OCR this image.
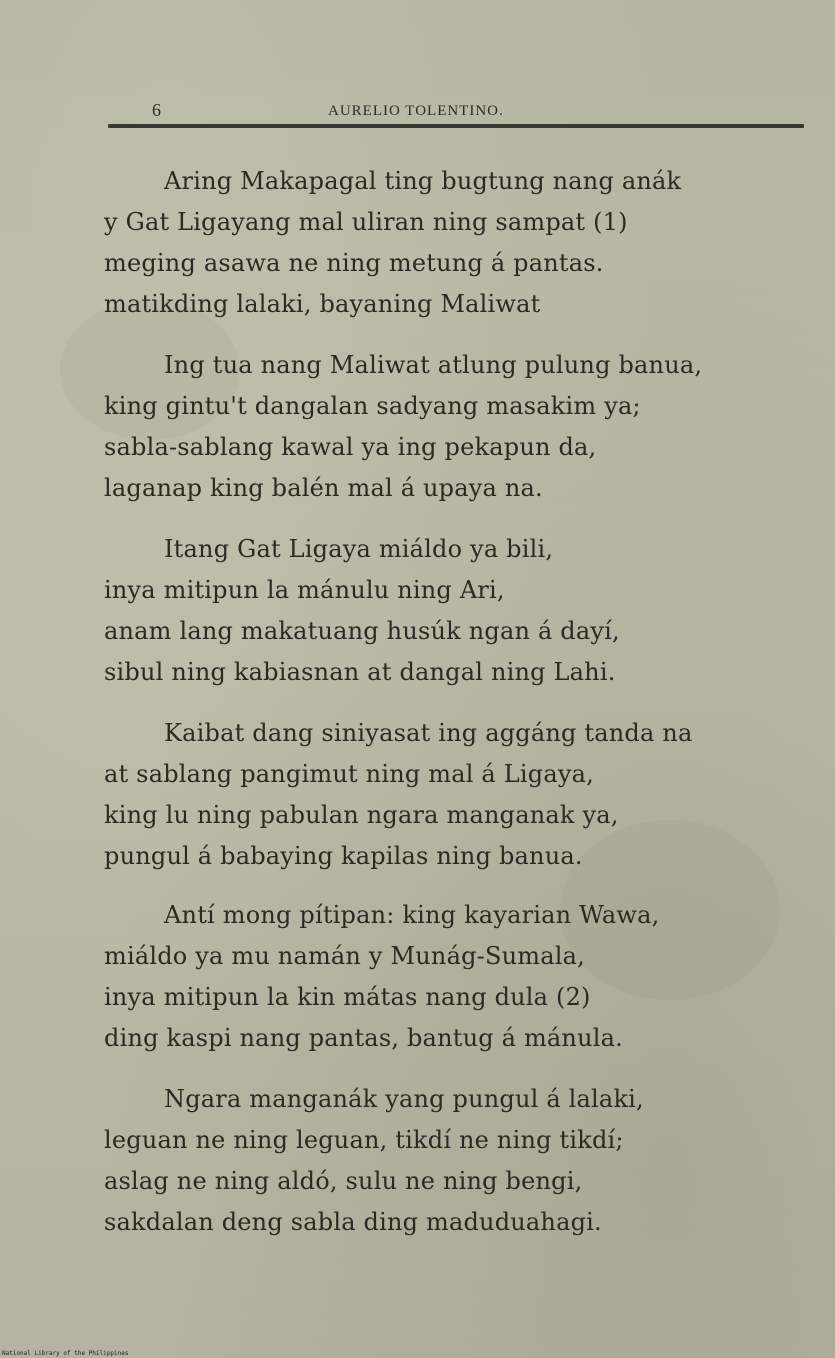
6	AURELIO TOLENTINO.
Aring Makapagal ting bugtung nang anák
y Gat Ligayang mal uliran ning sampat (1)
meging asawa ne ning metung á pantas.
matikding lalaki, bayaning Maliwat
Ing tua nang Maliwat atlung pulung banua,
king gintu't dangalan sadyang masakim ya;
sabla-sablang kawal ya ing pekapun da,
laganap king balén mal á upaya na.
Itang Gat Ligaya miáldo ya bili,
inya mitipun la mánulu ning Ari,
anam lang makatuang husúk ngan á dayí,
sibul ning kabiasnan at dangal ning Lahi.
Kaibat dang siniyasat ing aggáng tanda na
at sablang pangimut ning mal á Ligaya,
king lu ning pabulan ngara manganak ya,
pungul á babaying kapilas ning banua.
Antí mong pítipan: king kayarian Wawa,
miáldo ya mu namán y Munág-Sumala,
inya mitipun la kin mátas nang dula (2)
ding kaspi nang pantas, bantug á mánula.
Ngara manganák yang pungul á lalaki,
leguan ne ning leguan, tikdí ne ning tikdí;
aslag ne ning aldó, sulu ne ning bengi,
sakdalan deng sabla ding maduduahagi.
National Library of the Philippines
